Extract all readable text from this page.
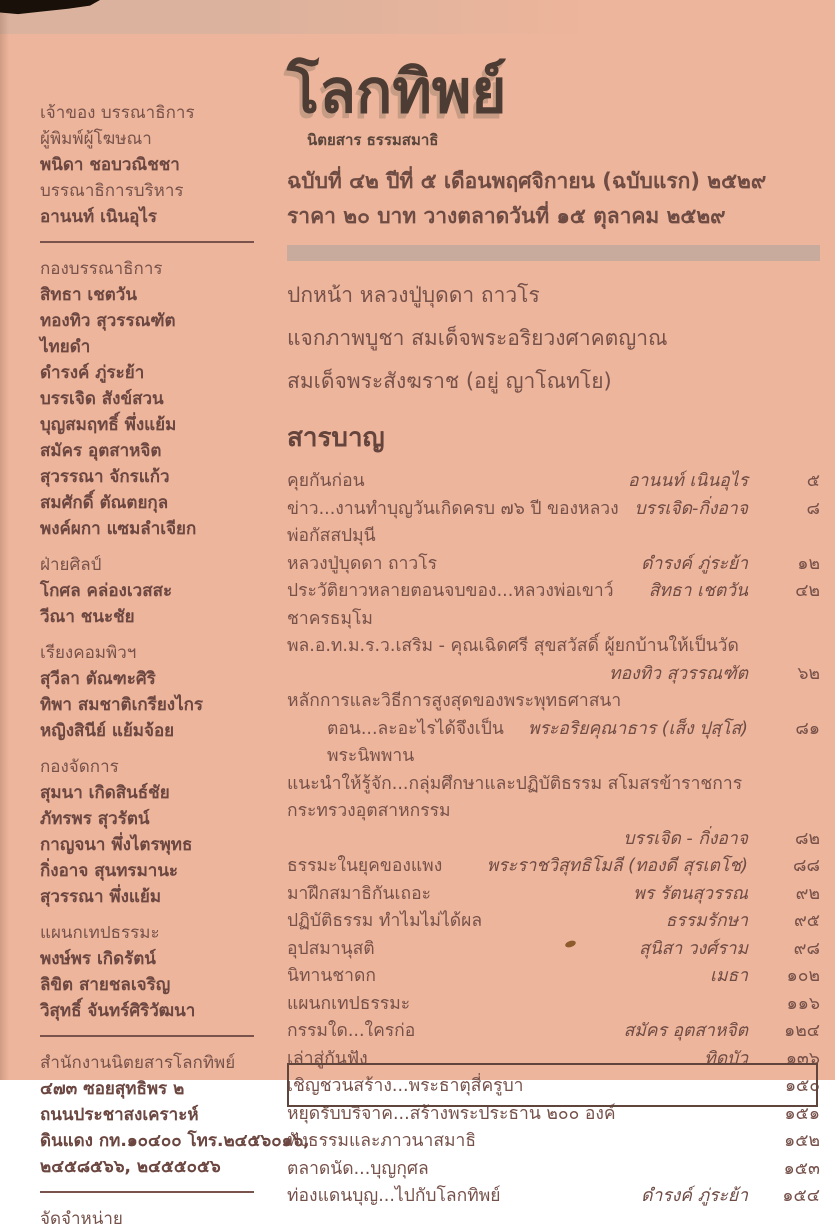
เจ้าของ บรรณาธิการ
ผู้พิมพ์ผู้โฆษณา
พนิดา ชอบวณิชชา
บรรณาธิการบริหาร
อานนท์ เนินอุไร
กองบรรณาธิการ
สิทธา เชตวัน
ทองทิว สุวรรณฑัต
ไทยดำ
ดำรงค์ ภู่ระย้า
บรรเจิด สังข์สวน
บุญสมฤทธิ์ พึ่งแย้ม
สมัคร อุตสาหจิต
สุวรรณา จักรแก้ว
สมศักดิ์ ตัณตยกุล
พงค์ผกา แซมลำเจียก
ฝ่ายศิลป์
โกศล คล่องเวสสะ
วีณา ชนะชัย
เรียงคอมพิวฯ
สุวีลา ตัณฑะศิริ
ทิพา สมชาติเกรียงไกร
หญิงสินีย์ แย้มจ้อย
กองจัดการ
สุมนา เกิดสินธ์ชัย
ภัทรพร สุวรัตน์
กาญจนา พึ่งไตรพุทธ
กิ่งอาจ สุนทรมานะ
สุวรรณา พึ่งแย้ม
แผนกเทปธรรมะ
พงษ์พร เกิดรัตน์
ลิขิต สายชลเจริญ
วิสุทธิ์ จันทร์ศิริวัฒนา
สำนักงานนิตยสารโลกทิพย์
๔๗๓ ซอยสุทธิพร ๒
ถนนประชาสงเคราะห์
ดินแดง กท.๑๐๔๐๐ โทร.๒๔๕๖๐๑๖,
๒๔๕๘๕๖๖, ๒๔๕๕๐๕๖
จัดจำหน่าย
โลกทิพย์
นิตยสาร ธรรมสมาธิ
ฉบับที่ ๔๒ ปีที่ ๕ เดือนพฤศจิกายน (ฉบับแรก) ๒๕๒๙
ราคา ๒๐ บาท วางตลาดวันที่ ๑๕ ตุลาคม ๒๕๒๙
ปกหน้า หลวงปู่บุดดา ถาวโร
แจกภาพบูชา สมเด็จพระอริยวงศาคตญาณ
สมเด็จพระสังฆราช (อยู่ ญาโณทโย)
สารบาญ
คุยกันก่อน	อานนท์ เนินอุไร	๕
ข่าว...งานทำบุญวันเกิดครบ ๗๖ ปี ของหลวงพ่อกัสสปมุนี
บรรเจิด-กิ่งอาจ	๘
หลวงปู่บุดดา ถาวโร	ดำรงค์ ภู่ระย้า	๑๒
ประวัติยาวหลายตอนจบของ...หลวงพ่อเขาว์ ชาครธมุโม
สิทธา เชตวัน	๔๒
พล.อ.ท.ม.ร.ว.เสริม - คุณเฉิดศรี สุขสวัสดิ์ ผู้ยกบ้านให้เป็นวัด
ทองทิว สุวรรณฑัต	๖๒
หลักการและวิธีการสูงสุดของพระพุทธศาสนา
ตอน...ละอะไรได้จึงเป็นพระนิพพาน
พระอริยคุณาธาร (เส็ง ปุสฺโส)	๘๑
แนะนำให้รู้จัก...กลุ่มศึกษาและปฏิบัติธรรม สโมสรข้าราชการกระทรวงอุตสาหกรรม
บรรเจิด - กิ่งอาจ	๘๒
ธรรมะในยุคของแพง	พระราชวิสุทธิโมลี (ทองดี สุรเตโช)	๘๘
มาฝึกสมาธิกันเถอะ	พร รัตนสุวรรณ	๙๒
ปฏิบัติธรรม ทำไมไม่ได้ผล	ธรรมรักษา	๙๕
อุปสมานุสติ	สุนิสา วงศ์ราม	๙๘
นิทานชาดก	เมธา	๑๐๒
แผนกเทปธรรมะ	๑๑๖
กรรมใด...ใครก่อ	สมัคร อุตสาหจิต	๑๒๔
เล่าสู่กันฟัง	ทิดบัว	๑๓๖
เชิญชวนสร้าง...พระธาตุสี่ครูบา	๑๕๐
หยุดรับบริจาค...สร้างพระประธาน ๒๐๐ องค์	๑๕๑
ฟังธรรมและภาวนาสมาธิ	๑๕๒
ตลาดนัด...บุญกุศล	๑๕๓
ท่องแดนบุญ...ไปกับโลกทิพย์	ดำรงค์ ภู่ระย้า	๑๕๔
